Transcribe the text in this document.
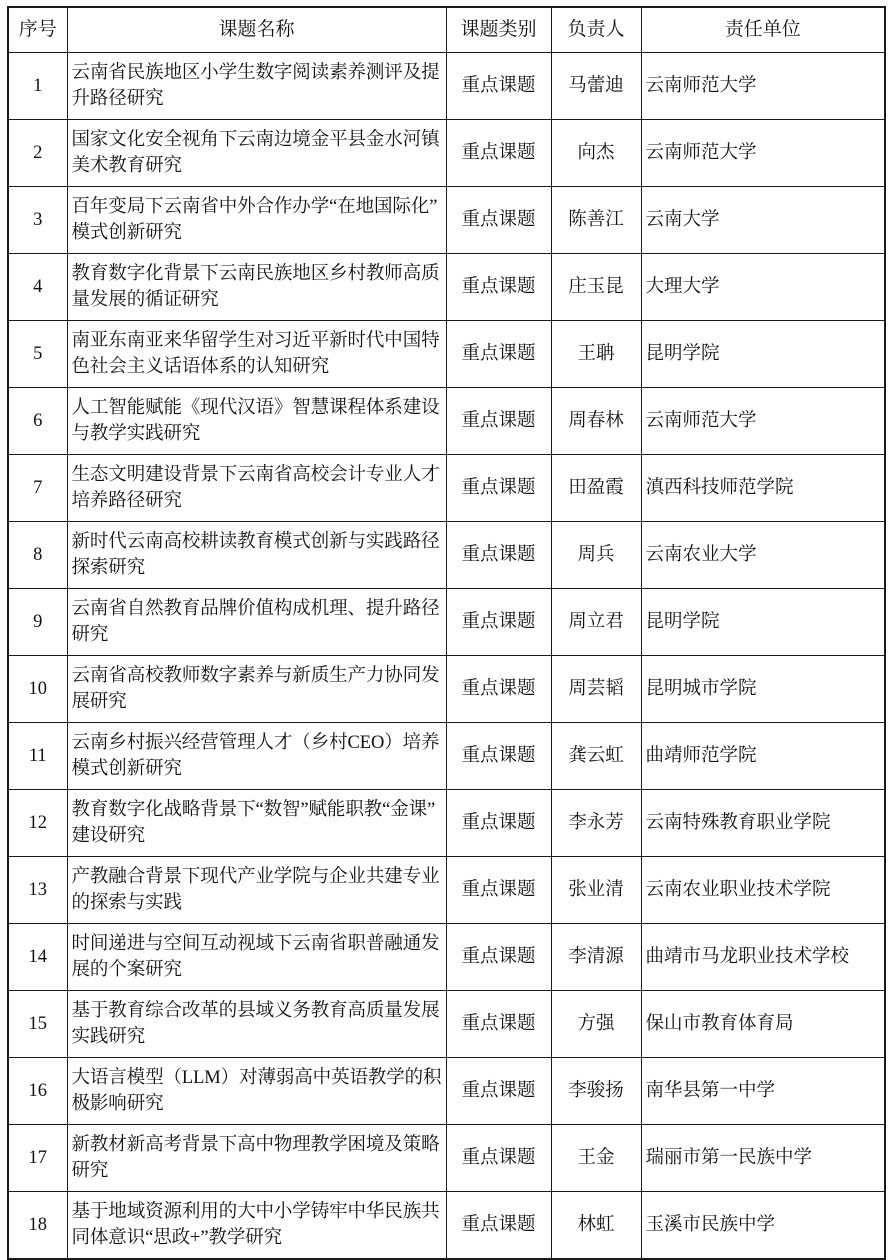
序号	课题名称	课题类别	负责人	责任单位
1	云南省民族地区小学生数字阅读素养测评及提升路径研究	重点课题	马蕾迪	云南师范大学
2	国家文化安全视角下云南边境金平县金水河镇美术教育研究	重点课题	向杰	云南师范大学
3	百年变局下云南省中外合作办学“在地国际化”模式创新研究	重点课题	陈善江	云南大学
4	教育数字化背景下云南民族地区乡村教师高质量发展的循证研究	重点课题	庄玉昆	大理大学
5	南亚东南亚来华留学生对习近平新时代中国特色社会主义话语体系的认知研究	重点课题	王聃	昆明学院
6	人工智能赋能《现代汉语》智慧课程体系建设与教学实践研究	重点课题	周春林	云南师范大学
7	生态文明建设背景下云南省高校会计专业人才培养路径研究	重点课题	田盈霞	滇西科技师范学院
8	新时代云南高校耕读教育模式创新与实践路径探索研究	重点课题	周兵	云南农业大学
9	云南省自然教育品牌价值构成机理、提升路径研究	重点课题	周立君	昆明学院
10	云南省高校教师数字素养与新质生产力协同发展研究	重点课题	周芸韬	昆明城市学院
11	云南乡村振兴经营管理人才（乡村CEO）培养模式创新研究	重点课题	龚云虹	曲靖师范学院
12	教育数字化战略背景下“数智”赋能职教“金课”建设研究	重点课题	李永芳	云南特殊教育职业学院
13	产教融合背景下现代产业学院与企业共建专业的探索与实践	重点课题	张业清	云南农业职业技术学院
14	时间递进与空间互动视域下云南省职普融通发展的个案研究	重点课题	李清源	曲靖市马龙职业技术学校
15	基于教育综合改革的县域义务教育高质量发展实践研究	重点课题	方强	保山市教育体育局
16	大语言模型（LLM）对薄弱高中英语教学的积极影响研究	重点课题	李骏扬	南华县第一中学
17	新教材新高考背景下高中物理教学困境及策略研究	重点课题	王金	瑞丽市第一民族中学
18	基于地域资源利用的大中小学铸牢中华民族共同体意识“思政+”教学研究	重点课题	林虹	玉溪市民族中学
